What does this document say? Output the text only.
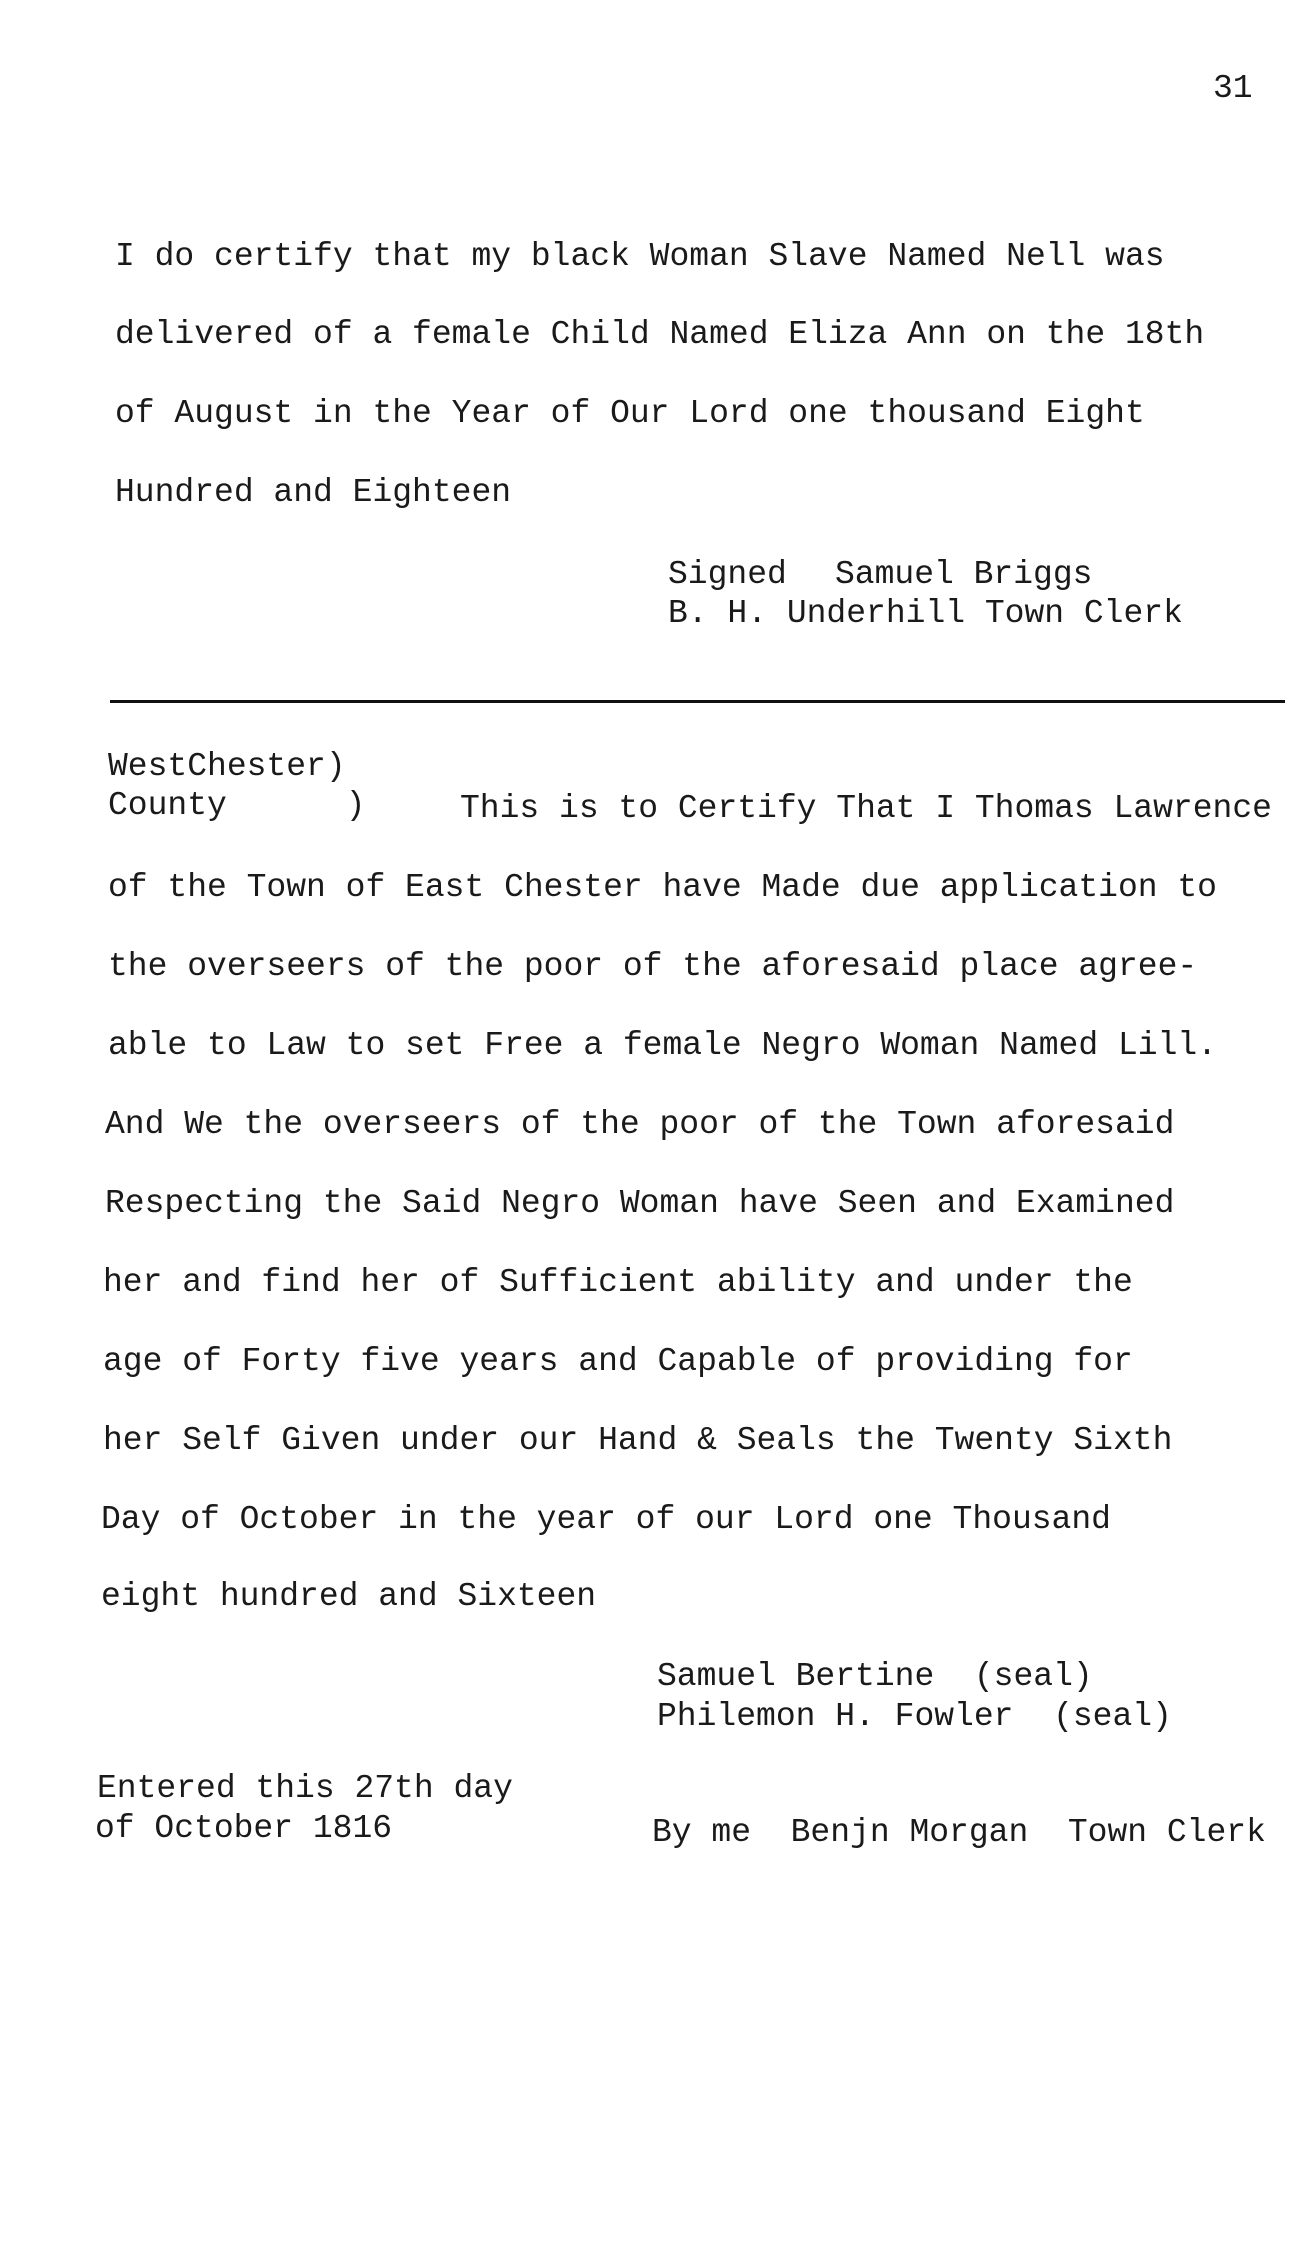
31
I do certify that my black Woman Slave Named Nell was
delivered of a female Child Named Eliza Ann on the 18th
of August in the Year of Our Lord one thousand Eight
Hundred and Eighteen
Signed Samuel Briggs
B. H. Underhill Town Clerk
WestChester)
County      )	This is to Certify That I Thomas Lawrence
of the Town of East Chester have Made due application to
the overseers of the poor of the aforesaid place agree-
able to Law to set Free a female Negro Woman Named Lill.
And We the overseers of the poor of the Town aforesaid
Respecting the Said Negro Woman have Seen and Examined
her and find her of Sufficient ability and under the
age of Forty five years and Capable of providing for
her Self Given under our Hand & Seals the Twenty Sixth
Day of October in the year of our Lord one Thousand
eight hundred and Sixteen
Samuel Bertine  (seal)
Philemon H. Fowler  (seal)
Entered this 27th day
of October 1816	By me  Benjn Morgan  Town Clerk
